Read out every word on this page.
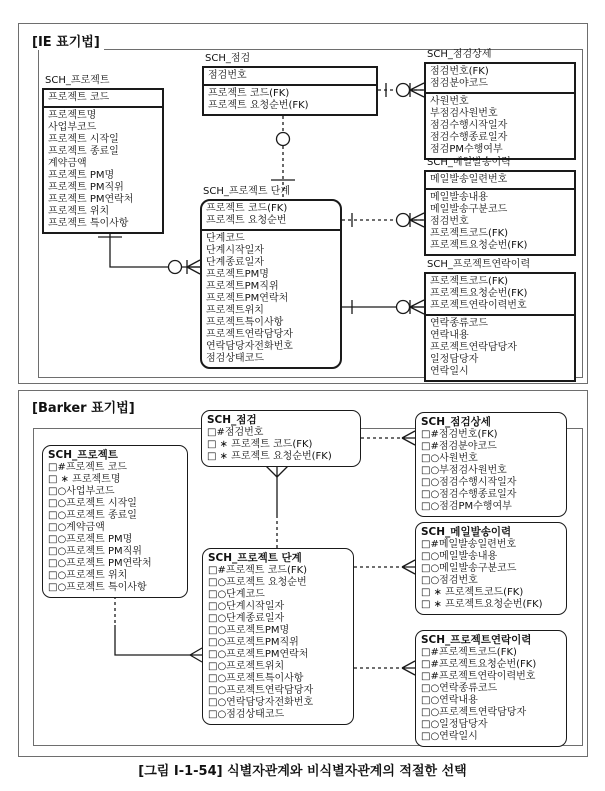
[IE 표기법]
[Barker 표기법]
SCH_프로젝트
프로젝트 코드
프로젝트명
사업부코드
프로젝트 시작일
프로젝트 종료일
계약금액
프로젝트 PM명
프로젝트 PM직위
프로젝트 PM연락처
프로젝트 위치
프로젝트 특이사항
SCH_점검
점검번호
프로젝트 코드(FK)
프로젝트 요청순번(FK)
SCH_점검상세
점검번호(FK)
점검분야코드
사원번호
부점검사원번호
점검수행시작일자
점검수행종료일자
점검PM수행여부
SCH_메일발송이력
메일발송일련번호
메일발송내용
메일발송구분코드
점검번호
프로젝트코드(FK)
프로젝트요청순번(FK)
SCH_프로젝트연락이력
프로젝트코드(FK)
프로젝트요청순번(FK)
프로젝트연락이력번호
연락종류코드
연락내용
프로젝트연락담당자
일정담당자
연락일시
SCH_프로젝트 단계
프로젝트 코드(FK)
프로젝트 요청순번
단계코드
단계시작일자
단계종료일자
프로젝트PM명
프로젝트PM직위
프로젝트PM연락처
프로젝트위치
프로젝트특이사항
프로젝트연락담당자
연락담당자전화번호
점검상태코드
SCH_프로젝트
□#프로젝트 코드
□ ∗ 프로젝트명
□○사업부코드
□○프로젝트 시작일
□○프로젝트 종료일
□○계약금액
□○프로젝트 PM명
□○프로젝트 PM직위
□○프로젝트 PM연락처
□○프로젝트 위치
□○프로젝트 특이사항
SCH_점검
□#점검번호
□ ∗ 프로젝트 코드(FK)
□ ∗ 프로젝트 요청순번(FK)
SCH_점검상세
□#점검번호(FK)
□#점검분야코드
□○사원번호
□○부점검사원번호
□○점검수행시작일자
□○점검수행종료일자
□○점검PM수행여부
SCH_프로젝트 단계
□#프로젝트 코드(FK)
□○프로젝트 요청순번
□○단계코드
□○단계시작일자
□○단계종료일자
□○프로젝트PM명
□○프로젝트PM직위
□○프로젝트PM연락처
□○프로젝트위치
□○프로젝트특이사항
□○프로젝트연락담당자
□○연락담당자전화번호
□○점검상태코드
SCH_메일발송이력
□#메일발송일련번호
□○메일발송내용
□○메일발송구분코드
□○점검번호
□ ∗ 프로젝트코드(FK)
□ ∗ 프로젝트요청순번(FK)
SCH_프로젝트연락이력
□#프로젝트코드(FK)
□#프로젝트요청순번(FK)
□#프로젝트연락이력번호
□○연락종류코드
□○연락내용
□○프로젝트연락담당자
□○일정담당자
□○연락일시
[그림 Ⅰ-1-54] 식별자관계와 비식별자관계의 적절한 선택
